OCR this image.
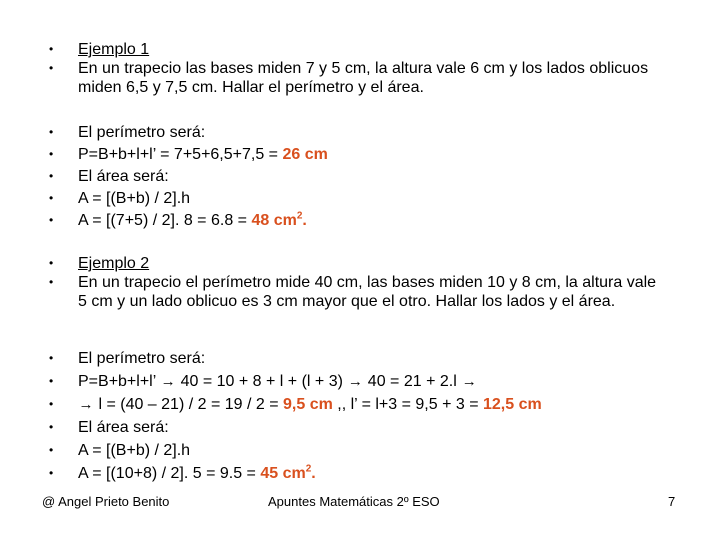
•	Ejemplo 1
•	En un trapecio las bases miden 7 y 5 cm, la altura vale 6 cm y los lados oblicuos miden 6,5 y 7,5 cm. Hallar el perímetro y el área.
•	El perímetro será:
•	P=B+b+l+l’ = 7+5+6,5+7,5 = 26 cm
•	El área será:
•	A = [(B+b) / 2].h
•	A = [(7+5) / 2]. 8 = 6.8 = 48 $cm^2$.
•	Ejemplo 2
•	En un trapecio el perímetro mide 40 cm, las bases miden 10 y 8 cm, la altura vale 5 cm y un lado oblicuo es 3 cm mayor que el otro. Hallar los lados y el área.
•	El perímetro será:
•	P=B+b+l+l’ → 40 = 10 + 8 + l + (l + 3) → 40 = 21 + 2.l →
•	→ l = (40 – 21) / 2 = 19 / 2 = 9,5 cm ,, l’ = l+3 = 9,5 + 3 = 12,5 cm
•	El área será:
•	A = [(B+b) / 2].h
•	A = [(10+8) / 2]. 5 = 9.5 = 45 $cm^2$.
@ Angel Prieto Benito	Apuntes Matemáticas 2º ESO	7
